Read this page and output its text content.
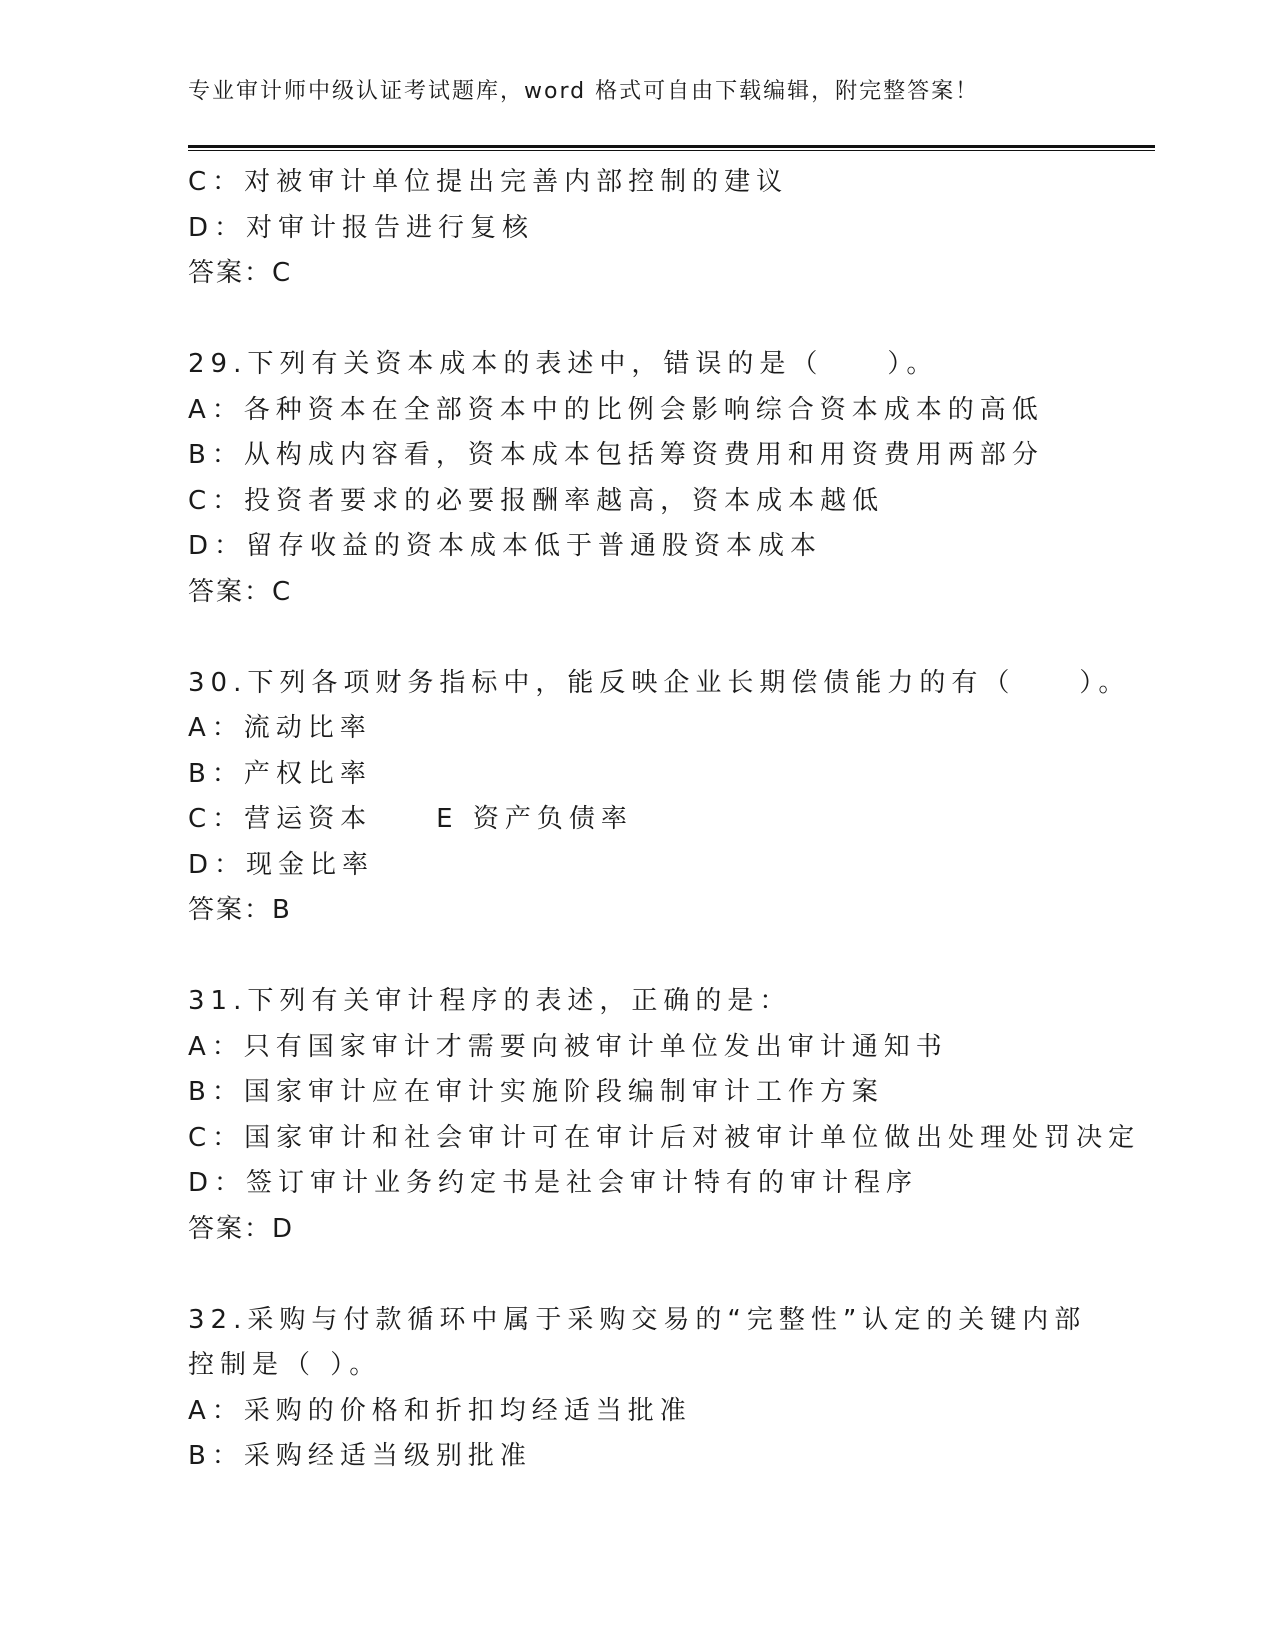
专业审计师中级认证考试题库，word 格式可自由下载编辑，附完整答案！
C：对被审计单位提出完善内部控制的建议
D：对审计报告进行复核
答案：C
29.下列有关资本成本的表述中，错误的是（　　）。
A：各种资本在全部资本中的比例会影响综合资本成本的高低
B：从构成内容看，资本成本包括筹资费用和用资费用两部分
C：投资者要求的必要报酬率越高，资本成本越低
D：留存收益的资本成本低于普通股资本成本
答案：C
30.下列各项财务指标中，能反映企业长期偿债能力的有（　　）。
A：流动比率
B：产权比率
C：营运资本　　E 资产负债率
D：现金比率
答案：B
31.下列有关审计程序的表述，正确的是：
A：只有国家审计才需要向被审计单位发出审计通知书
B：国家审计应在审计实施阶段编制审计工作方案
C：国家审计和社会审计可在审计后对被审计单位做出处理处罚决定
D：签订审计业务约定书是社会审计特有的审计程序
答案：D
32.采购与付款循环中属于采购交易的“完整性”认定的关键内部控制是（ ）。
A：采购的价格和折扣均经适当批准
B：采购经适当级别批准
